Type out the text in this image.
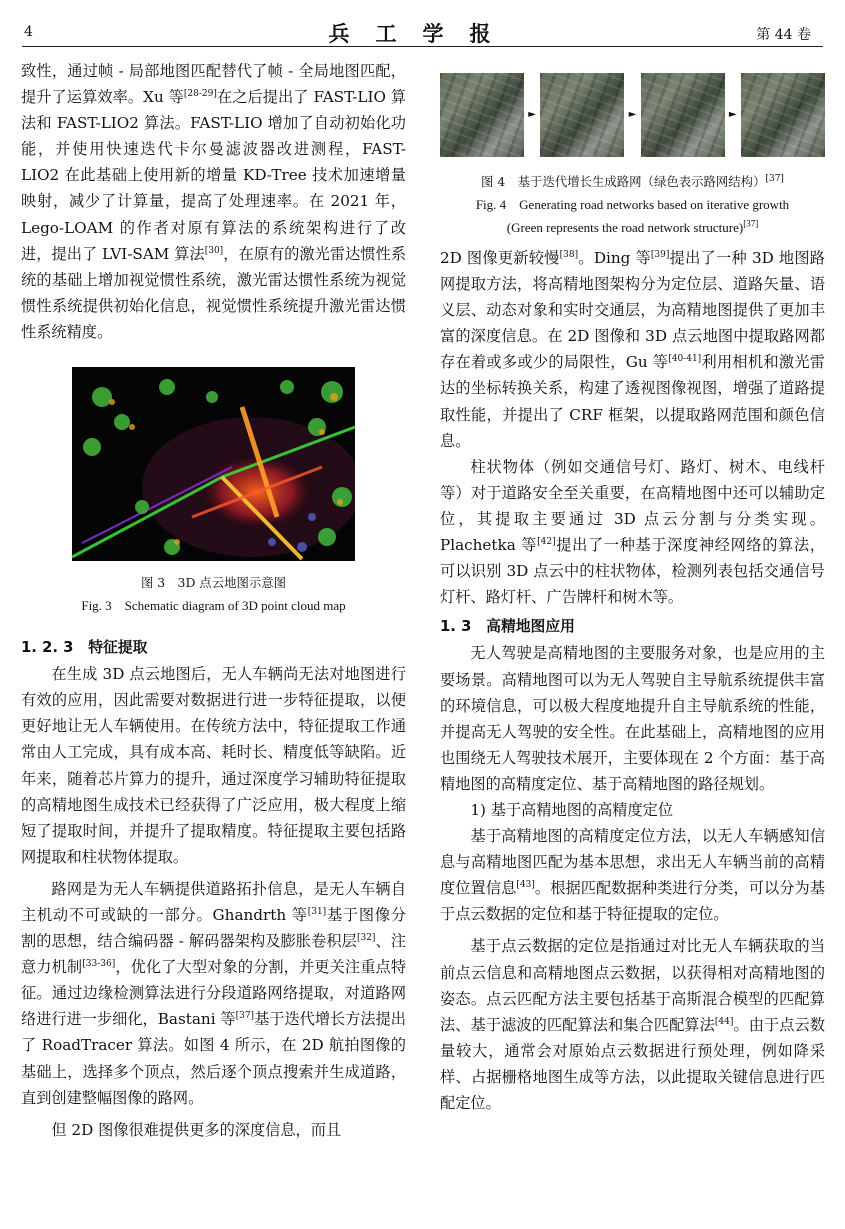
4	兵工学报	第 44 卷

致性，通过帧 - 局部地图匹配替代了帧 - 全局地图匹配，提升了运算效率。Xu 等[28-29]在之后提出了 FAST-LIO 算法和 FAST-LIO2 算法。FAST-LIO 增加了自动初始化功能，并使用快速迭代卡尔曼滤波器改进测程，FAST-LIO2 在此基础上使用新的增量 KD-Tree 技术加速增量映射，减少了计算量，提高了处理速率。在 2021 年，Lego-LOAM 的作者对原有算法的系统架构进行了改进，提出了 LVI-SAM 算法[30]，在原有的激光雷达惯性系统的基础上增加视觉惯性系统，激光雷达惯性系统为视觉惯性系统提供初始化信息，视觉惯性系统提升激光雷达惯性系统精度。

图 3　3D 点云地图示意图

Fig. 3　Schematic diagram of 3D point cloud map

1. 2. 3　特征提取

在生成 3D 点云地图后，无人车辆尚无法对地图进行有效的应用，因此需要对数据进行进一步特征提取，以便更好地让无人车辆使用。在传统方法中，特征提取工作通常由人工完成，具有成本高、耗时长、精度低等缺陷。近年来，随着芯片算力的提升，通过深度学习辅助特征提取的高精地图生成技术已经获得了广泛应用，极大程度上缩短了提取时间，并提升了提取精度。特征提取主要包括路网提取和柱状物体提取。

路网是为无人车辆提供道路拓扑信息，是无人车辆自主机动不可或缺的一部分。Ghandrth 等[31]基于图像分割的思想，结合编码器 - 解码器架构及膨胀卷积层[32]、注意力机制[33-36]，优化了大型对象的分割，并更关注重点特征。通过边缘检测算法进行分段道路网络提取，对道路网络进行进一步细化，Bastani 等[37]基于迭代增长方法提出了 RoadTracer 算法。如图 4 所示，在 2D 航拍图像的基础上，选择多个顶点，然后逐个顶点搜索并生成道路，直到创建整幅图像的路网。

但 2D 图像很难提供更多的深度信息，而且

►	►	►

图 4　基于迭代增长生成路网（绿色表示路网结构）[37]

Fig. 4　Generating road networks based on iterative growth

(Green represents the road network structure)[37]

2D 图像更新较慢[38]。Ding 等[39]提出了一种 3D 地图路网提取方法，将高精地图架构分为定位层、道路矢量、语义层、动态对象和实时交通层，为高精地图提供了更加丰富的深度信息。在 2D 图像和 3D 点云地图中提取路网都存在着或多或少的局限性，Gu 等[40-41]利用相机和激光雷达的坐标转换关系，构建了透视图像视图，增强了道路提取性能，并提出了 CRF 框架，以提取路网范围和颜色信息。

柱状物体（例如交通信号灯、路灯、树木、电线杆等）对于道路安全至关重要，在高精地图中还可以辅助定位，其提取主要通过 3D 点云分割与分类实现。Plachetka 等[42]提出了一种基于深度神经网络的算法，可以识别 3D 点云中的柱状物体，检测列表包括交通信号灯杆、路灯杆、广告牌杆和树木等。

1. 3　高精地图应用

无人驾驶是高精地图的主要服务对象，也是应用的主要场景。高精地图可以为无人驾驶自主导航系统提供丰富的环境信息，可以极大程度地提升自主导航系统的性能，并提高无人驾驶的安全性。在此基础上，高精地图的应用也围绕无人驾驶技术展开，主要体现在 2 个方面：基于高精地图的高精度定位、基于高精地图的路径规划。

1) 基于高精地图的高精度定位

基于高精地图的高精度定位方法，以无人车辆感知信息与高精地图匹配为基本思想，求出无人车辆当前的高精度位置信息[43]。根据匹配数据种类进行分类，可以分为基于点云数据的定位和基于特征提取的定位。

基于点云数据的定位是指通过对比无人车辆获取的当前点云信息和高精地图点云数据，以获得相对高精地图的姿态。点云匹配方法主要包括基于高斯混合模型的匹配算法、基于滤波的匹配算法和集合匹配算法[44]。由于点云数量较大，通常会对原始点云数据进行预处理，例如降采样、占据栅格地图生成等方法，以此提取关键信息进行匹配定位。
